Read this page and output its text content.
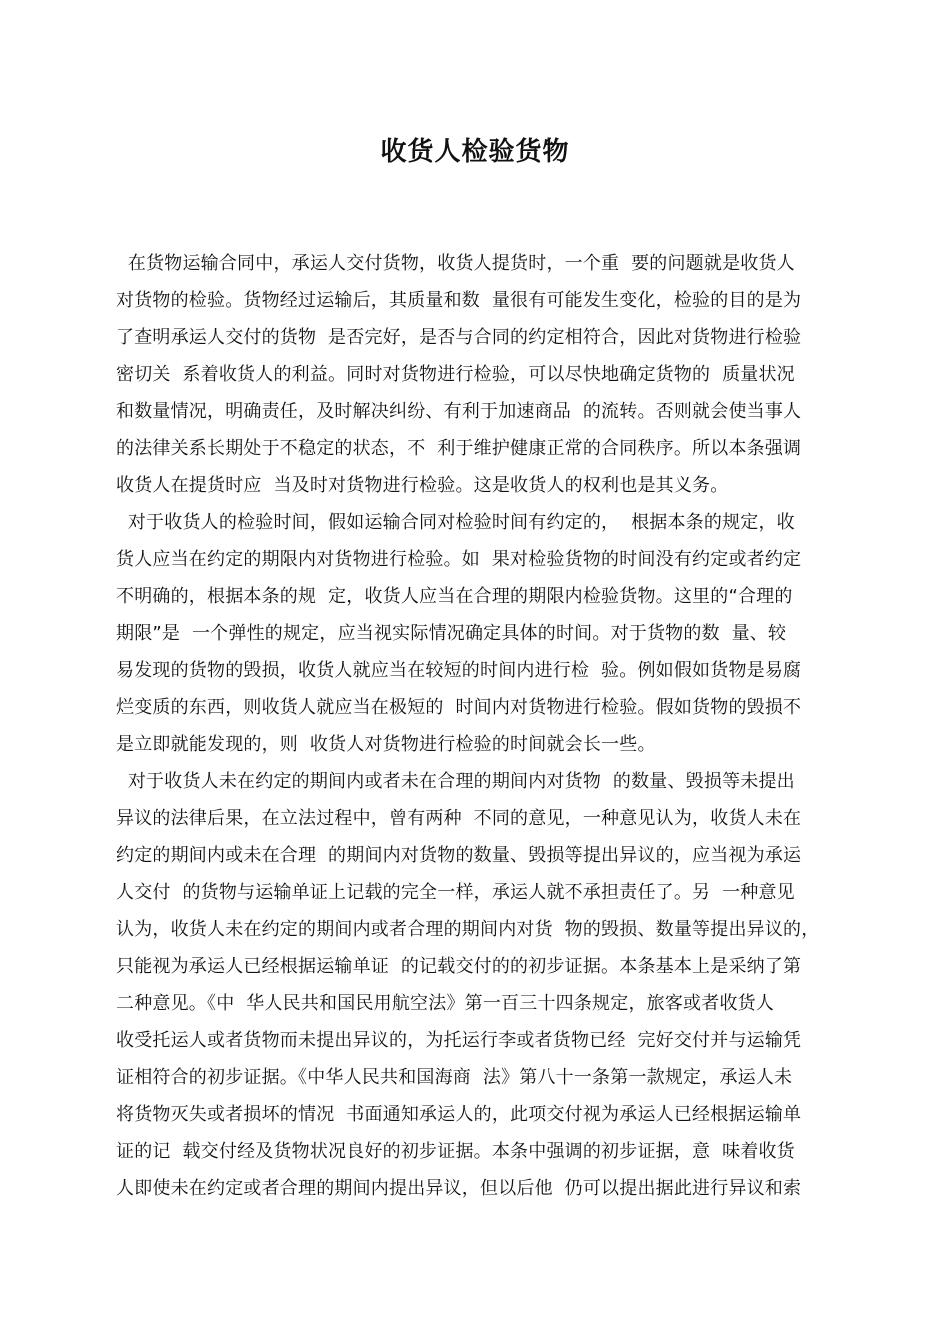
收货人检验货物
在货物运输合同中，承运人交付货物，收货人提货时，一个重  要的问题就是收货人
对货物的检验。货物经过运输后，其质量和数  量很有可能发生变化，检验的目的是为
了查明承运人交付的货物  是否完好，是否与合同的约定相符合，因此对货物进行检验
密切关  系着收货人的利益。同时对货物进行检验，可以尽快地确定货物的  质量状况
和数量情况，明确责任，及时解决纠纷、有利于加速商品  的流转。否则就会使当事人
的法律关系长期处于不稳定的状态，不  利于维护健康正常的合同秩序。所以本条强调
收货人在提货时应  当及时对货物进行检验。这是收货人的权利也是其义务。
对于收货人的检验时间，假如运输合同对检验时间有约定的，  根据本条的规定，收
货人应当在约定的期限内对货物进行检验。如  果对检验货物的时间没有约定或者约定
不明确的，根据本条的规  定，收货人应当在合理的期限内检验货物。这里的“合理的
期限”是  一个弹性的规定，应当视实际情况确定具体的时间。对于货物的数  量、较
易发现的货物的毁损，收货人就应当在较短的时间内进行检  验。例如假如货物是易腐
烂变质的东西，则收货人就应当在极短的  时间内对货物进行检验。假如货物的毁损不
是立即就能发现的，则  收货人对货物进行检验的时间就会长一些。
对于收货人未在约定的期间内或者未在合理的期间内对货物  的数量、毁损等未提出
异议的法律后果，在立法过程中，曾有两种  不同的意见，一种意见认为，收货人未在
约定的期间内或未在合理  的期间内对货物的数量、毁损等提出异议的，应当视为承运
人交付  的货物与运输单证上记载的完全一样，承运人就不承担责任了。另  一种意见
认为，收货人未在约定的期间内或者合理的期间内对货  物的毁损、数量等提出异议的，
只能视为承运人已经根据运输单证  的记载交付的的初步证据。本条基本上是采纳了第
二种意见。《中  华人民共和国民用航空法》第一百三十四条规定，旅客或者收货人
收受托运人或者货物而未提出异议的，为托运行李或者货物已经  完好交付并与运输凭
证相符合的初步证据。《中华人民共和国海商  法》第八十一条第一款规定，承运人未
将货物灭失或者损坏的情况  书面通知承运人的，此项交付视为承运人已经根据运输单
证的记  载交付经及货物状况良好的初步证据。本条中强调的初步证据，意  味着收货
人即使未在约定或者合理的期间内提出异议，但以后他  仍可以提出据此进行异议和索
